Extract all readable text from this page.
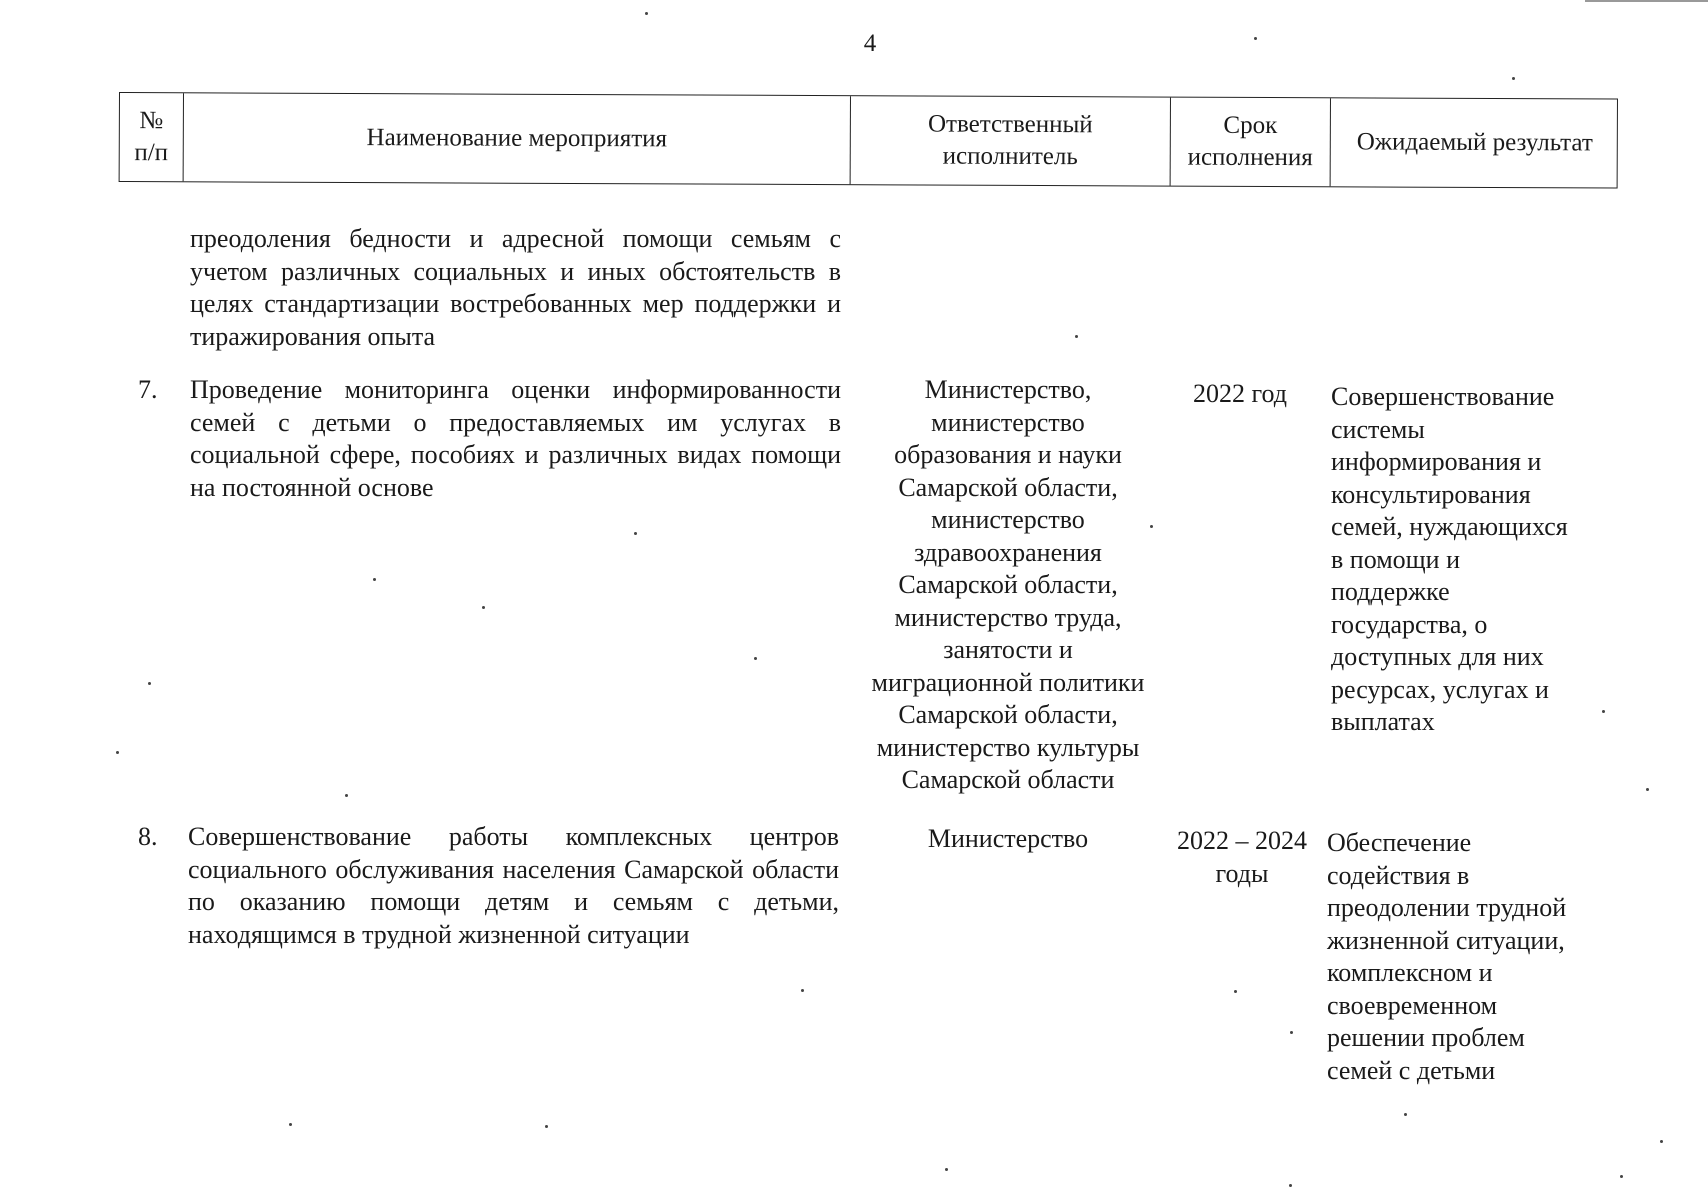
4
№
п/п
Наименование мероприятия	Ответственный
исполнитель
Срок
исполнения
Ожидаемый результат
преодоления бедности и адресной помощи семьям с учетом различных социальных и иных обстоятельств в целях стандартизации востребованных мер поддержки и тиражирования опыта
7. Проведение мониторинга оценки информированности семей с детьми о предоставляемых им услугах в социальной сфере, пособиях и различных видах помощи на постоянной основе
Министерство,
министерство
образования и науки
Самарской области,
министерство
здравоохранения
Самарской области,
министерство труда,
занятости и
миграционной политики
Самарской области,
министерство культуры
Самарской области
2022 год Совершенствование
системы
информирования и
консультирования
семей, нуждающихся
в помощи и
поддержке
государства, о
доступных для них
ресурсах, услугах и
выплатах
8. Совершенствование работы комплексных центров социального обслуживания населения Самарской области по оказанию помощи детям и семьям с детьми, находящимся в трудной жизненной ситуации
Министерство	2022 – 2024
годы
Обеспечение
содействия в
преодолении трудной
жизненной ситуации,
комплексном и
своевременном
решении проблем
семей с детьми
